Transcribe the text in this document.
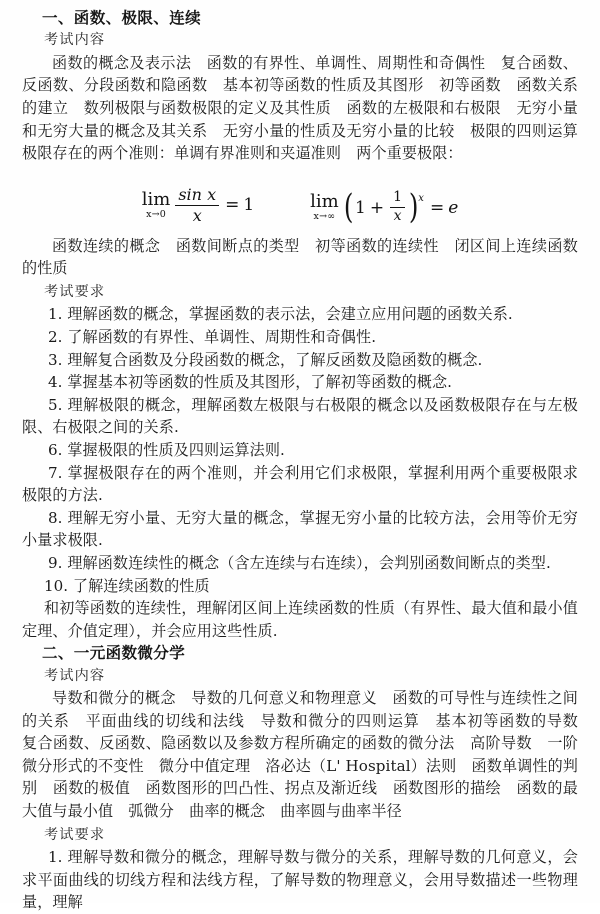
一、函数、极限、连续
考试内容

函数的概念及表示法　函数的有界性、单调性、周期性和奇偶性　复合函数、反函数、分段函数和隐函数　基本初等函数的性质及其图形　初等函数　函数关系的建立　数列极限与函数极限的定义及其性质　函数的左极限和右极限　无穷小量和无穷大量的概念及其关系　无穷小量的性质及无穷小量的比较　极限的四则运算　极限存在的两个准则：单调有界准则和夹逼准则　两个重要极限：

lim
$x\to 0 \frac{\text{sin x}}{x} = 1$	lim
x→∞ ( $1 + \frac{1}{x}$ ) x = e

函数连续的概念　函数间断点的类型　初等函数的连续性　闭区间上连续函数的性质

考试要求

1. 理解函数的概念，掌握函数的表示法，会建立应用问题的函数关系.

2. 了解函数的有界性、单调性、周期性和奇偶性.

3. 理解复合函数及分段函数的概念，了解反函数及隐函数的概念.

4. 掌握基本初等函数的性质及其图形，了解初等函数的概念.

5. 理解极限的概念，理解函数左极限与右极限的概念以及函数极限存在与左极限、右极限之间的关系.

6. 掌握极限的性质及四则运算法则.

7. 掌握极限存在的两个准则，并会利用它们求极限，掌握利用两个重要极限求极限的方法.

8. 理解无穷小量、无穷大量的概念，掌握无穷小量的比较方法，会用等价无穷小量求极限.

9. 理解函数连续性的概念（含左连续与右连续），会判别函数间断点的类型.

10. 了解连续函数的性质

和初等函数的连续性，理解闭区间上连续函数的性质（有界性、最大值和最小值定理、介值定理），并会应用这些性质.

二、一元函数微分学
考试内容

导数和微分的概念　导数的几何意义和物理意义　函数的可导性与连续性之间的关系　平面曲线的切线和法线　导数和微分的四则运算　基本初等函数的导数　复合函数、反函数、隐函数以及参数方程所确定的函数的微分法　高阶导数　一阶微分形式的不变性　微分中值定理　洛必达（L' Hospital）法则　函数单调性的判别　函数的极值　函数图形的凹凸性、拐点及渐近线　函数图形的描绘　函数的最大值与最小值　弧微分　曲率的概念　曲率圆与曲率半径

考试要求

1. 理解导数和微分的概念，理解导数与微分的关系，理解导数的几何意义，会求平面曲线的切线方程和法线方程，了解导数的物理意义，会用导数描述一些物理量，理解
